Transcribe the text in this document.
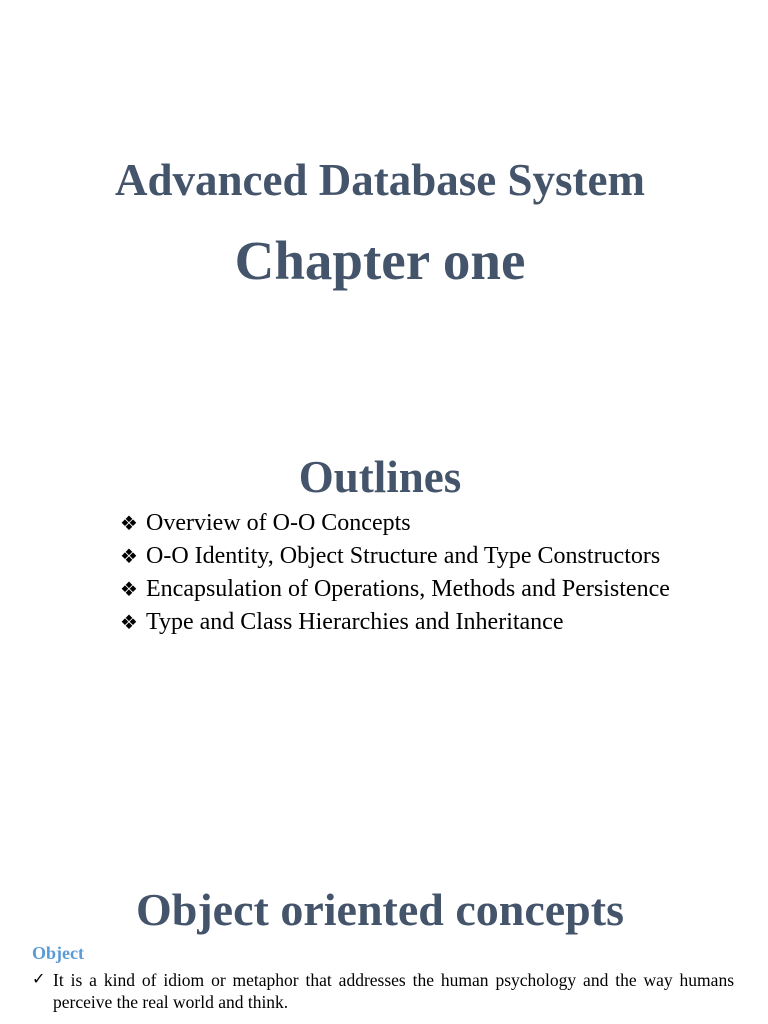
Advanced Database System
Chapter one
Outlines
❖ Overview of O-O Concepts
❖ O-O Identity, Object Structure and Type Constructors
❖ Encapsulation of Operations, Methods and Persistence
❖ Type and Class Hierarchies and Inheritance
Object oriented concepts
Object
✓ It is a kind of idiom or metaphor that addresses the human psychology and the way humans perceive the real world and think.
